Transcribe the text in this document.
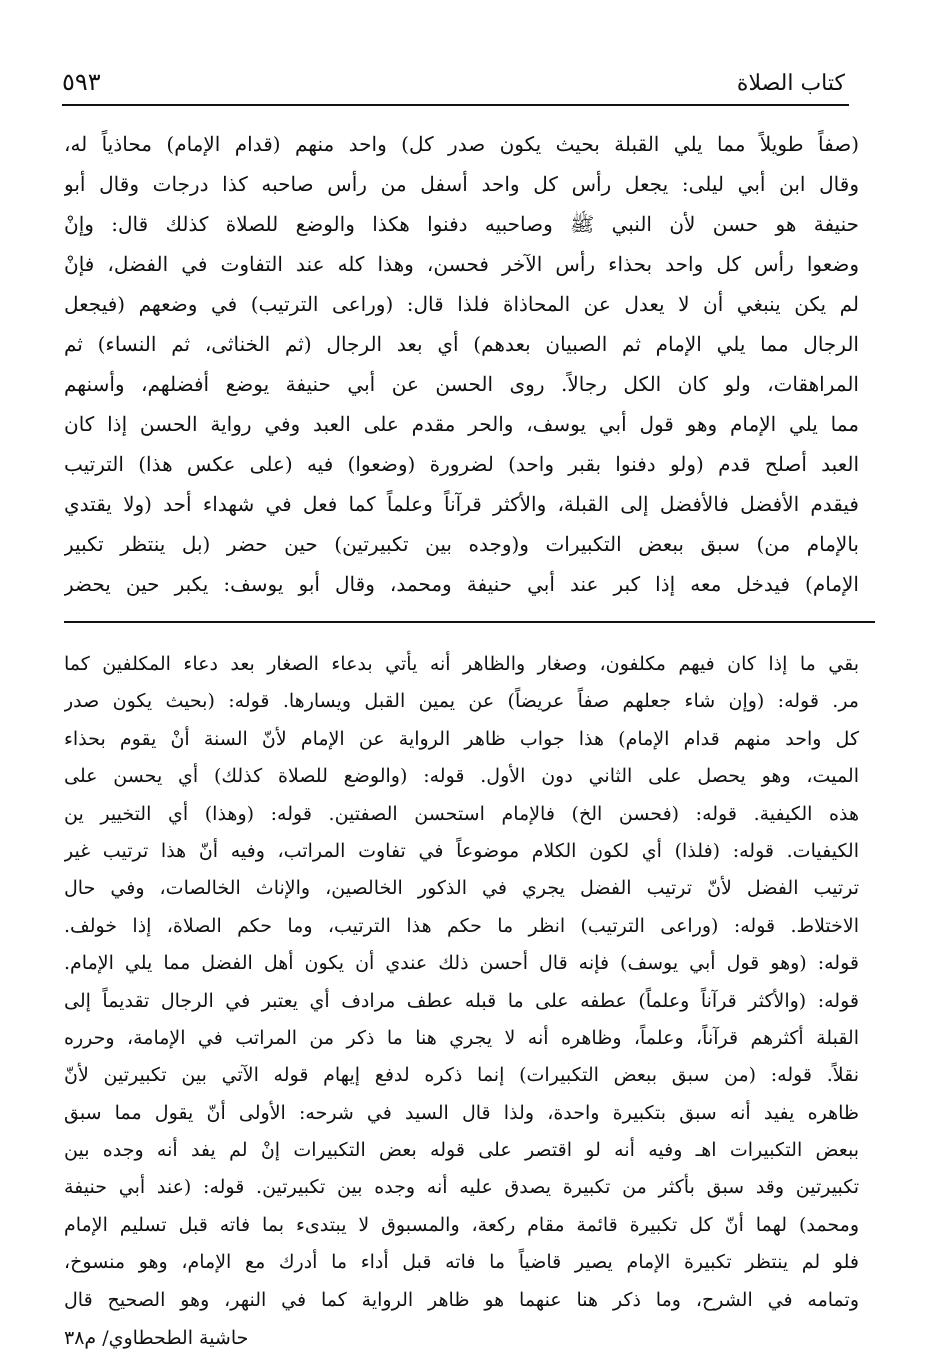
٥٩٣	كتاب الصلاة
(صفاً طويلاً مما يلي القبلة بحيث يكون صدر كل) واحد منهم (قدام الإمام) محاذياً له،
وقال ابن أبي ليلى: يجعل رأس كل واحد أسفل من رأس صاحبه كذا درجات وقال أبو
حنيفة هو حسن لأن النبي ﷺ وصاحبيه دفنوا هكذا والوضع للصلاة كذلك قال: وإنْ
وضعوا رأس كل واحد بحذاء رأس الآخر فحسن، وهذا كله عند التفاوت في الفضل، فإنْ
لم يكن ينبغي أن لا يعدل عن المحاذاة فلذا قال: (وراعى الترتيب) في وضعهم (فيجعل
الرجال مما يلي الإمام ثم الصبيان بعدهم) أي بعد الرجال (ثم الخناثى، ثم النساء) ثم
المراهقات، ولو كان الكل رجالاً. روى الحسن عن أبي حنيفة يوضع أفضلهم، وأسنهم
مما يلي الإمام وهو قول أبي يوسف، والحر مقدم على العبد وفي رواية الحسن إذا كان
العبد أصلح قدم (ولو دفنوا بقبر واحد) لضرورة (وضعوا) فيه (على عكس هذا) الترتيب
فيقدم الأفضل فالأفضل إلى القبلة، والأكثر قرآناً وعلماً كما فعل في شهداء أحد (ولا يقتدي
بالإمام من) سبق ببعض التكبيرات و(وجده بين تكبيرتين) حين حضر (بل ينتظر تكبير
الإمام) فيدخل معه إذا كبر عند أبي حنيفة ومحمد، وقال أبو يوسف: يكبر حين يحضر
بقي ما إذا كان فيهم مكلفون، وصغار والظاهر أنه يأتي بدعاء الصغار بعد دعاء المكلفين كما
مر. قوله: (وإن شاء جعلهم صفاً عريضاً) عن يمين القبل ويسارها. قوله: (بحيث يكون صدر
كل واحد منهم قدام الإمام) هذا جواب ظاهر الرواية عن الإمام لأنّ السنة أنْ يقوم بحذاء
الميت، وهو يحصل على الثاني دون الأول. قوله: (والوضع للصلاة كذلك) أي يحسن على
هذه الكيفية. قوله: (فحسن الخ) فالإمام استحسن الصفتين. قوله: (وهذا) أي التخيير ين
الكيفيات. قوله: (فلذا) أي لكون الكلام موضوعاً في تفاوت المراتب، وفيه أنّ هذا ترتيب غير
ترتيب الفضل لأنّ ترتيب الفضل يجري في الذكور الخالصين، والإناث الخالصات، وفي حال
الاختلاط. قوله: (وراعى الترتيب) انظر ما حكم هذا الترتيب، وما حكم الصلاة، إذا خولف.
قوله: (وهو قول أبي يوسف) فإنه قال أحسن ذلك عندي أن يكون أهل الفضل مما يلي الإمام.
قوله: (والأكثر قرآناً وعلماً) عطفه على ما قبله عطف مرادف أي يعتبر في الرجال تقديماً إلى
القبلة أكثرهم قرآناً، وعلماً، وظاهره أنه لا يجري هنا ما ذكر من المراتب في الإمامة، وحرره
نقلاً. قوله: (من سبق ببعض التكبيرات) إنما ذكره لدفع إيهام قوله الآتي بين تكبيرتين لأنّ
ظاهره يفيد أنه سبق بتكبيرة واحدة، ولذا قال السيد في شرحه: الأولى أنّ يقول مما سبق
ببعض التكبيرات اهـ وفيه أنه لو اقتصر على قوله بعض التكبيرات إنْ لم يفد أنه وجده بين
تكبيرتين وقد سبق بأكثر من تكبيرة يصدق عليه أنه وجده بين تكبيرتين. قوله: (عند أبي حنيفة
ومحمد) لهما أنّ كل تكبيرة قائمة مقام ركعة، والمسبوق لا يبتدىء بما فاته قبل تسليم الإمام
فلو لم ينتظر تكبيرة الإمام يصير قاضياً ما فاته قبل أداء ما أدرك مع الإمام، وهو منسوخ،
وتمامه في الشرح، وما ذكر هنا عنهما هو ظاهر الرواية كما في النهر، وهو الصحيح قال
حاشية الطحطاوي/ م٣٨
